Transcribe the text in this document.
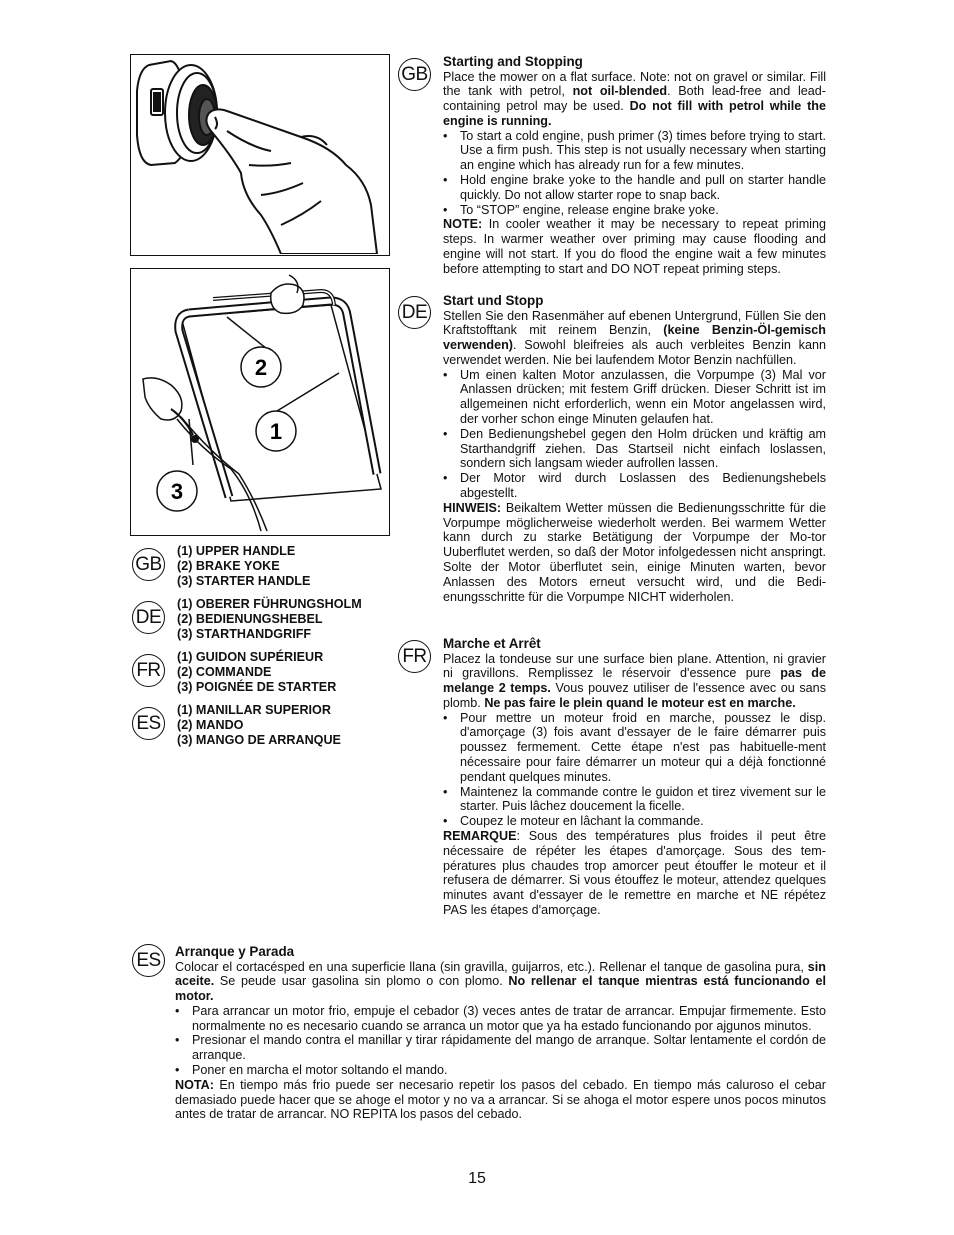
2
1
3
GB
(1) UPPER HANDLE
(2) BRAKE YOKE
(3) STARTER HANDLE
DE
(1) OBERER FÜHRUNGSHOLM
(2) BEDIENUNGSHEBEL
(3) STARTHANDGRIFF
FR
(1) GUIDON SUPÉRIEUR
(2) COMMANDE
(3) POIGNÉE DE STARTER
ES
(1) MANILLAR SUPERIOR
(2) MANDO
(3) MANGO DE ARRANQUE
GB
Starting and Stopping

Place the mower on a flat surface. Note: not on gravel or similar. Fill the tank with petrol, not oil-blended. Both lead-free and lead-containing petrol may be used. Do not fill with petrol while the engine is running.

• To start a cold engine, push primer (3) times before trying to start. Use a firm push. This step is not usually necessary when starting an engine which has already run for a few minutes.
• Hold engine brake yoke to the handle and pull on starter handle quickly. Do not allow starter rope to snap back.
• To “STOP” engine, release engine brake yoke.

NOTE: In cooler weather it may be necessary to repeat priming steps. In warmer weather over priming may cause flooding and engine will not start. If you do flood the engine wait a few minutes before attempting to start and DO NOT repeat priming steps.

DE
Start und Stopp

Stellen Sie den Rasenmäher auf ebenen Untergrund, Füllen Sie den Kraftstofftank mit reinem Benzin, (keine Benzin-Öl-gemisch verwenden). Sowohl bleifreies als auch verbleites Benzin kann verwendet werden. Nie bei laufendem Motor Benzin nachfüllen.

• Um einen kalten Motor anzulassen, die Vorpumpe (3) Mal vor Anlassen drücken; mit festem Griff drücken. Dieser Schritt ist im allgemeinen nicht erforderlich, wenn ein Motor angelassen wird, der vorher schon einge Minuten gelaufen hat.
• Den Bedienungshebel gegen den Holm drücken und kräftig am Starthandgriff ziehen. Das Startseil nicht einfach loslassen, sondern sich langsam wieder aufrollen lassen.
• Der Motor wird durch Loslassen des Bedienungshebels abgestellt.

HINWEIS: Beikaltem Wetter müssen die Bedienungsschritte für die Vorpumpe möglicherweise wiederholt werden. Bei warmem Wetter kann durch zu starke Betätigung der Vorpumpe der Mo-tor Uuberflutet werden, so daß der Motor infolgedessen nicht anspringt. Solte der Motor überflutet sein, einige Minuten warten, bevor Anlassen des Motors erneut versucht wird, und die Bedi-enungsschritte für die Vorpumpe NICHT widerholen.

FR
Marche et Arrêt

Placez la tondeuse sur une surface bien plane. Attention, ni gravier ni gravillons. Remplissez le réservoir d'essence pure pas de melange 2 temps. Vous pouvez utiliser de l'essence avec ou sans plomb. Ne pas faire le plein quand le moteur est en marche.

• Pour mettre un moteur froid en marche, poussez le disp. d'amorçage (3) fois avant d'essayer de le faire démarrer puis poussez fermement. Cette étape n'est pas habituelle-ment nécessaire pour faire démarrer un moteur qui a déjà fonctionné pendant quelques minutes.
• Maintenez la commande contre le guidon et tirez vivement sur le starter. Puis lâchez doucement la ficelle.
• Coupez le moteur en lâchant la commande.

REMARQUE: Sous des températures plus froides il peut être nécessaire de répéter les étapes d'amorçage. Sous des tem-pératures plus chaudes trop amorcer peut étouffer le moteur et il refusera de démarrer. Si vous étouffez le moteur, attendez quelques minutes avant d'essayer de le remettre en marche et NE répétez PAS les étapes d'amorçage.

ES	Arranque y Parada

Colocar el cortacésped en una superficie llana (sin gravilla, guijarros, etc.). Rellenar el tanque de gasolina pura, sin aceite. Se peude usar gasolina sin plomo o con plomo. No rellenar el tanque mientras está funcionando el motor.

• Para arrancar un motor frio, empuje el cebador (3) veces antes de tratar de arrancar. Empujar firmemente. Esto normalmente no es necesario cuando se arranca un motor que ya ha estado funcionando por ajgunos minutos.
• Presionar el mando contra el manillar y tirar rápidamente del mango de arranque. Soltar lentamente el cordón de arranque.
• Poner en marcha el motor soltando el mando.

NOTA: En tiempo más frio puede ser necesario repetir los pasos del cebado. En tiempo más caluroso el cebar demasiado puede hacer que se ahoge el motor y no va a arrancar. Si se ahoga el motor espere unos pocos minutos antes de tratar de arrancar. NO REPITA los pasos del cebado.

15
